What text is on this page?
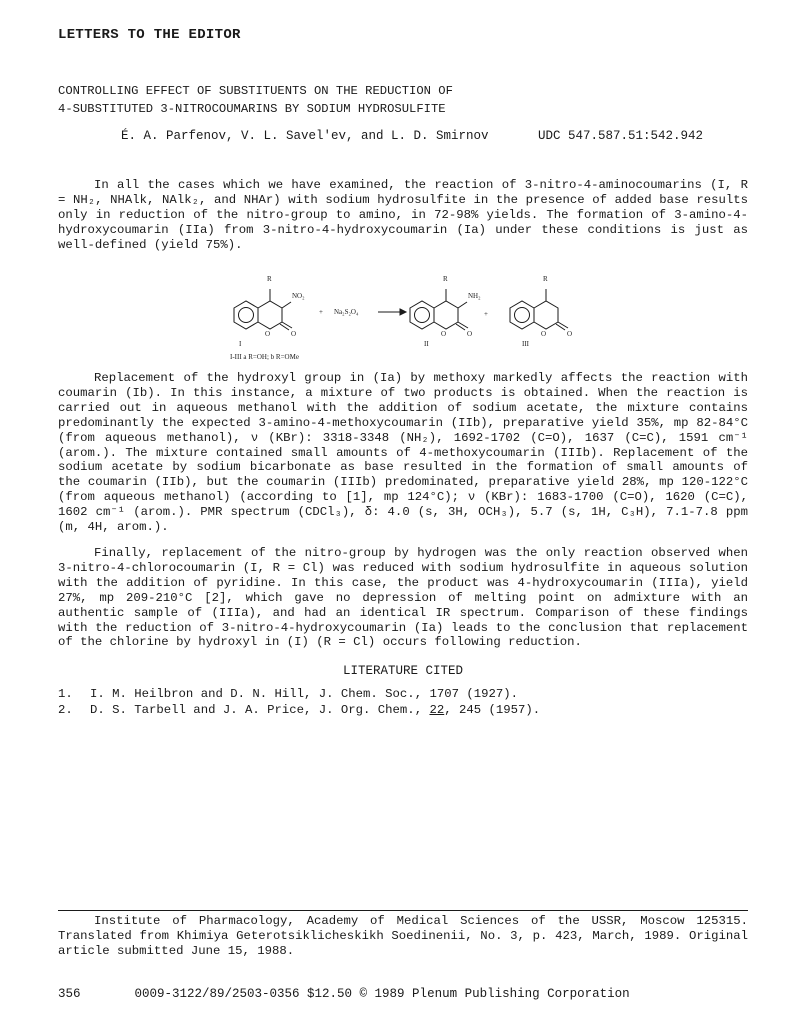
LETTERS TO THE EDITOR
CONTROLLING EFFECT OF SUBSTITUENTS ON THE REDUCTION OF
4-SUBSTITUTED 3-NITROCOUMARINS BY SODIUM HYDROSULFITE
É. A. Parfenov, V. L. Savel'ev, and L. D. Smirnov	UDC 547.587.51:542.942

In all the cases which we have examined, the reaction of 3-nitro-4-aminocoumarins (I, R = NH₂, NHAlk, NAlk₂, and NHAr) with sodium hydrosulfite in the presence of added base results only in reduction of the nitro-group to amino, in 72-98% yields. The formation of 3-amino-4-hydroxycoumarin (IIa) from 3-nitro-4-hydroxycoumarin (Ia) under these conditions is just as well-defined (yield 75%).

R
NO₂
O	O
+ Na₂S₂O₄
R
NH₂
O	O
+
R
O	O
I	II	III
I-III a R=OH; b R=OMe

Replacement of the hydroxyl group in (Ia) by methoxy markedly affects the reaction with coumarin (Ib). In this instance, a mixture of two products is obtained. When the reaction is carried out in aqueous methanol with the addition of sodium acetate, the mixture contains predominantly the expected 3-amino-4-methoxycoumarin (IIb), preparative yield 35%, mp 82-84°C (from aqueous methanol), ν (KBr): 3318-3348 (NH₂), 1692-1702 (C=O), 1637 (C=C), 1591 cm⁻¹ (arom.). The mixture contained small amounts of 4-methoxycoumarin (IIIb). Replacement of the sodium acetate by sodium bicarbonate as base resulted in the formation of small amounts of the coumarin (IIb), but the coumarin (IIIb) predominated, preparative yield 28%, mp 120-122°C (from aqueous methanol) (according to [1], mp 124°C); ν (KBr): 1683-1700 (C=O), 1620 (C=C), 1602 cm⁻¹ (arom.). PMR spectrum (CDCl₃), δ: 4.0 (s, 3H, OCH₃), 5.7 (s, 1H, C₃H), 7.1-7.8 ppm (m, 4H, arom.).

Finally, replacement of the nitro-group by hydrogen was the only reaction observed when 3-nitro-4-chlorocoumarin (I, R = Cl) was reduced with sodium hydrosulfite in aqueous solution with the addition of pyridine. In this case, the product was 4-hydroxycoumarin (IIIa), yield 27%, mp 209-210°C [2], which gave no depression of melting point on admixture with an authentic sample of (IIIa), and had an identical IR spectrum. Comparison of these findings with the reduction of 3-nitro-4-hydroxycoumarin (Ia) leads to the conclusion that replacement of the chlorine by hydroxyl in (I) (R = Cl) occurs following reduction.

LITERATURE CITED
1.	I. M. Heilbron and D. N. Hill, J. Chem. Soc., 1707 (1927).
2.	D. S. Tarbell and J. A. Price, J. Org. Chem., 22, 245 (1957).

Institute of Pharmacology, Academy of Medical Sciences of the USSR, Moscow 125315. Translated from Khimiya Geterotsiklicheskikh Soedinenii, No. 3, p. 423, March, 1989. Original article submitted June 15, 1988.

356	0009-3122/89/2503-0356 $12.50 © 1989 Plenum Publishing Corporation
